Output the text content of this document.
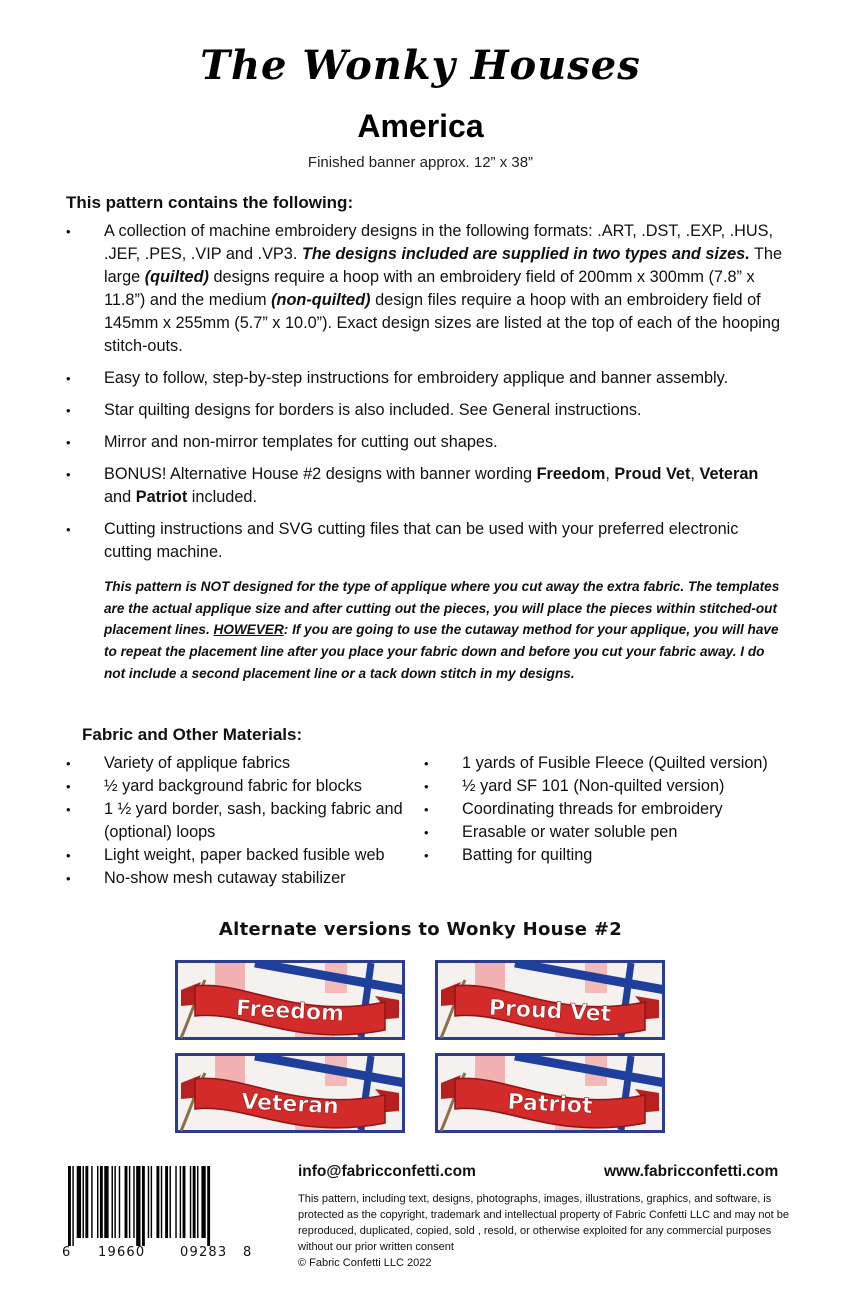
The Wonky Houses
America
Finished banner approx. 12” x 38”
This pattern contains the following:
• A collection of machine embroidery designs in the following formats: .ART, .DST, .EXP, .HUS, .JEF, .PES, .VIP and .VP3. The designs included are supplied in two types and sizes. The large (quilted) designs require a hoop with an embroidery field of 200mm x 300mm (7.8” x 11.8”) and the medium (non-quilted) design files require a hoop with an embroidery field of 145mm x 255mm (5.7” x 10.0”). Exact design sizes are listed at the top of each of the hooping stitch-outs.
• Easy to follow, step-by-step instructions for embroidery applique and banner assembly.
• Star quilting designs for borders is also included. See General instructions.
• Mirror and non-mirror templates for cutting out shapes.
• BONUS! Alternative House #2 designs with banner wording Freedom, Proud Vet, Veteran and Patriot included.
• Cutting instructions and SVG cutting files that can be used with your preferred electronic cutting machine.
This pattern is NOT designed for the type of applique where you cut away the extra fabric. The templates are the actual applique size and after cutting out the pieces, you will place the pieces within stitched-out placement lines. HOWEVER: If you are going to use the cutaway method for your applique, you will have to repeat the placement line after you place your fabric down and before you cut your fabric away. I do not include a second placement line or a tack down stitch in my designs.
Fabric and Other Materials:
• Variety of applique fabrics
• ½ yard background fabric for blocks
• 1 ½ yard border, sash, backing fabric and (optional) loops
• Light weight, paper backed fusible web
• No-show mesh cutaway stabilizer
• 1 yards of Fusible Fleece (Quilted version)
• ½ yard SF 101 (Non-quilted version)
• Coordinating threads for embroidery
• Erasable or water soluble pen
• Batting for quilting
Alternate versions to Wonky House #2
Freedom	Proud Vet
Veteran	Patriot
6 19660	09283 8
info@fabricconfetti.com	www.fabricconfetti.com
This pattern, including text, designs, photographs, images, illustrations, graphics, and software, is protected as the copyright, trademark and intellectual property of Fabric Confetti LLC and may not be reproduced, duplicated, copied, sold , resold, or otherwise exploited for any commercial purposes without our prior written consent
© Fabric Confetti LLC 2022
